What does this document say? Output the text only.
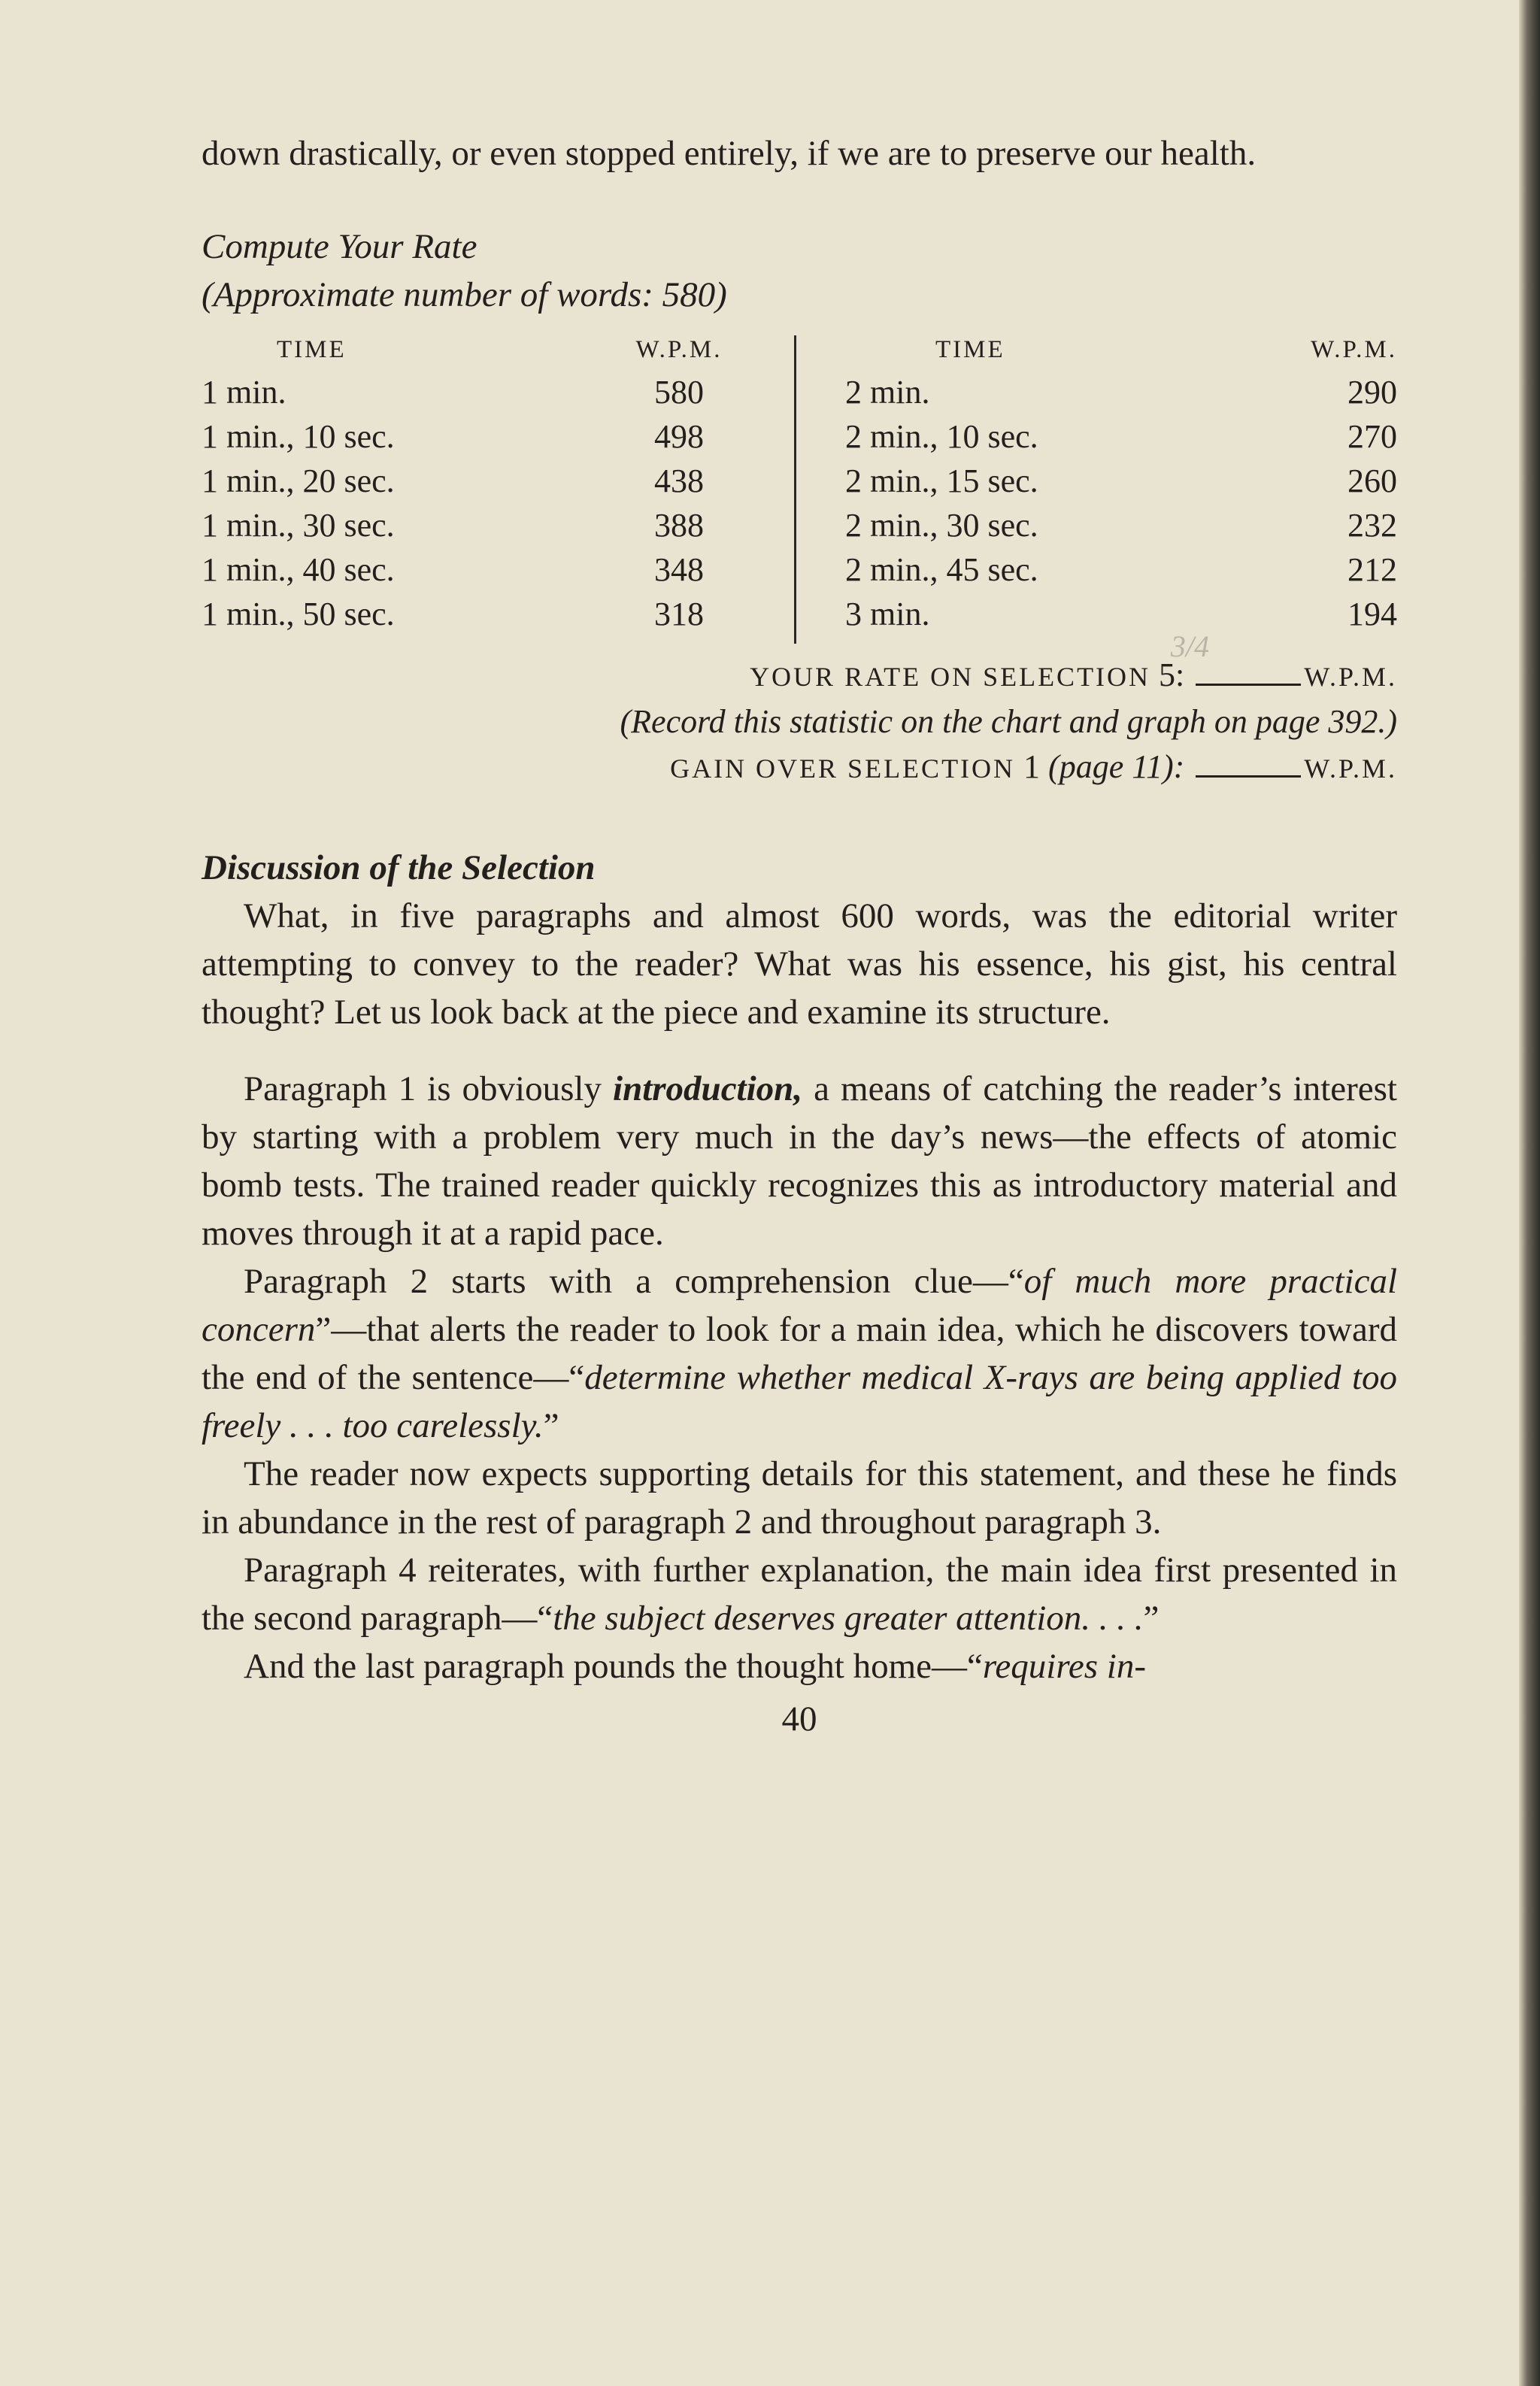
down drastically, or even stopped entirely, if we are to preserve our health.

Compute Your Rate

(Approximate number of words: 580)

TIME	W.P.M.
1 min.	580
1 min., 10 sec.	498
1 min., 20 sec.	438
1 min., 30 sec.	388
1 min., 40 sec.	348
1 min., 50 sec.	318
TIME	W.P.M.
2 min.	290
2 min., 10 sec.	270
2 min., 15 sec.	260
2 min., 30 sec.	232
2 min., 45 sec.	212
3 min.	194
3/4
YOUR RATE ON SELECTION 5:	W.P.M.
(Record this statistic on the chart and graph on page 392.)
GAIN OVER SELECTION 1 (page 11):	W.P.M.

Discussion of the Selection

What, in five paragraphs and almost 600 words, was the editorial writer attempting to convey to the reader? What was his essence, his gist, his central thought? Let us look back at the piece and examine its structure.

Paragraph 1 is obviously introduction, a means of catching the reader’s interest by starting with a problem very much in the day’s news—the effects of atomic bomb tests. The trained reader quickly recognizes this as introductory material and moves through it at a rapid pace.

Paragraph 2 starts with a comprehension clue—“of much more practical concern”—that alerts the reader to look for a main idea, which he discovers toward the end of the sentence—“determine whether medical X-rays are being applied too freely . . . too carelessly.”

The reader now expects supporting details for this statement, and these he finds in abundance in the rest of paragraph 2 and throughout paragraph 3.

Paragraph 4 reiterates, with further explanation, the main idea first presented in the second paragraph—“the subject deserves greater attention. . . .”

And the last paragraph pounds the thought home—“requires in-

40
